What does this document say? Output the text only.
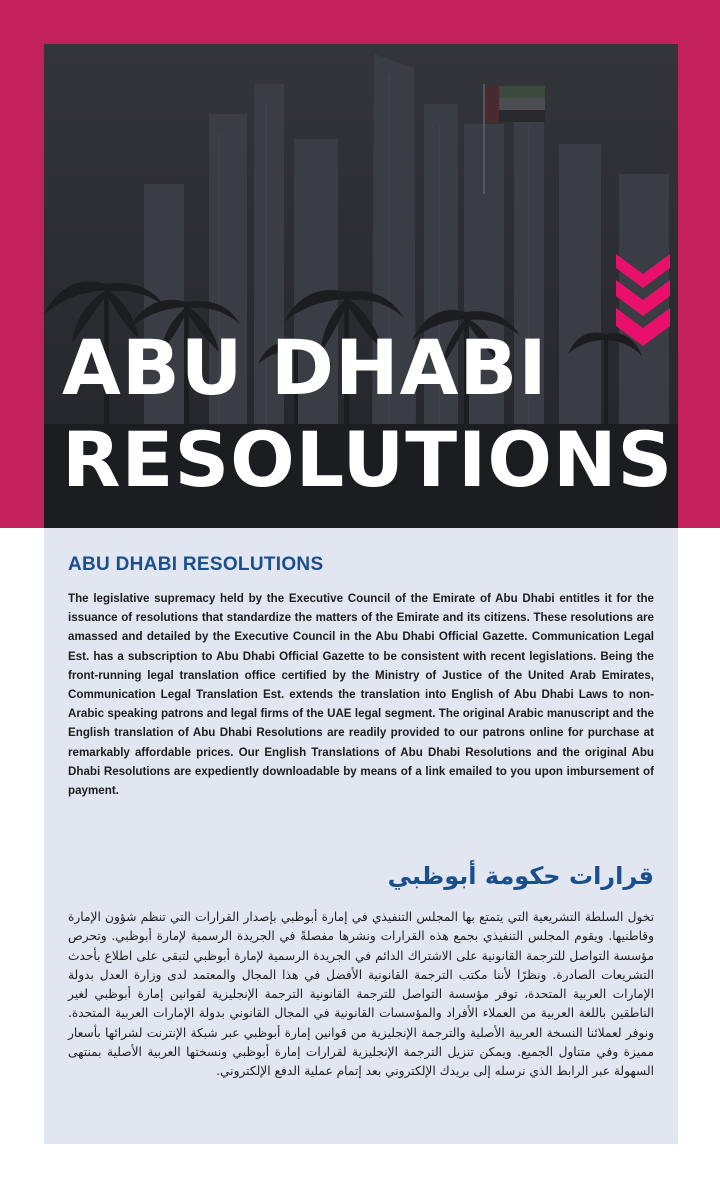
ABU DHABI
RESOLUTIONS
ABU DHABI RESOLUTIONS

The legislative supremacy held by the Executive Council of the Emirate of Abu Dhabi entitles it for the issuance of resolutions that standardize the matters of the Emirate and its citizens. These resolutions are amassed and detailed by the Executive Council in the Abu Dhabi Official Gazette. Communication Legal Est. has a subscription to Abu Dhabi Official Gazette to be consistent with recent legislations. Being the front-running legal translation office certified by the Ministry of Justice of the United Arab Emirates, Communication Legal Translation Est. extends the translation into English of Abu Dhabi Laws to non-Arabic speaking patrons and legal firms of the UAE legal segment. The original Arabic manuscript and the English translation of Abu Dhabi Resolutions are readily provided to our patrons online for purchase at remarkably affordable prices. Our English Translations of Abu Dhabi Resolutions and the original Abu Dhabi Resolutions are expediently downloadable by means of a link emailed to you upon imbursement of payment.

قرارات حكومة أبوظبي

تخول السلطة التشريعية التي يتمتع بها المجلس التنفيذي في إمارة أبوظبي بإصدار القرارات التي تنظم شؤون الإمارة وقاطنيها. ويقوم المجلس التنفيذي بجمع هذه القرارات ونشرها مفصلةً في الجريدة الرسمية لإمارة أبوظبي. وتحرص مؤسسة التواصل للترجمة القانونية على الاشتراك الدائم في الجريدة الرسمية لإمارة أبوظبي لتبقى على اطلاع بأحدث التشريعات الصادرة. ونظرًا لأننا مكتب الترجمة القانونية الأفضل في هذا المجال والمعتمد لدى وزارة العدل بدولة الإمارات العربية المتحدة، توفر مؤسسة التواصل للترجمة القانونية الترجمة الإنجليزية لقوانين إمارة أبوظبي لغير الناطقين باللغة العربية من العملاء الأفراد والمؤسسات القانونية في المجال القانوني بدولة الإمارات العربية المتحدة. ونوفر لعملائنا النسخة العربية الأصلية والترجمة الإنجليزية من قوانين إمارة أبوظبي عبر شبكة الإنترنت لشرائها بأسعار مميزة وفي متناول الجميع. ويمكن تنزيل الترجمة الإنجليزية لقرارات إمارة أبوظبي ونسختها العربية الأصلية بمنتهى السهولة عبر الرابط الذي نرسله إلى بريدك الإلكتروني بعد إتمام عملية الدفع الإلكتروني.
